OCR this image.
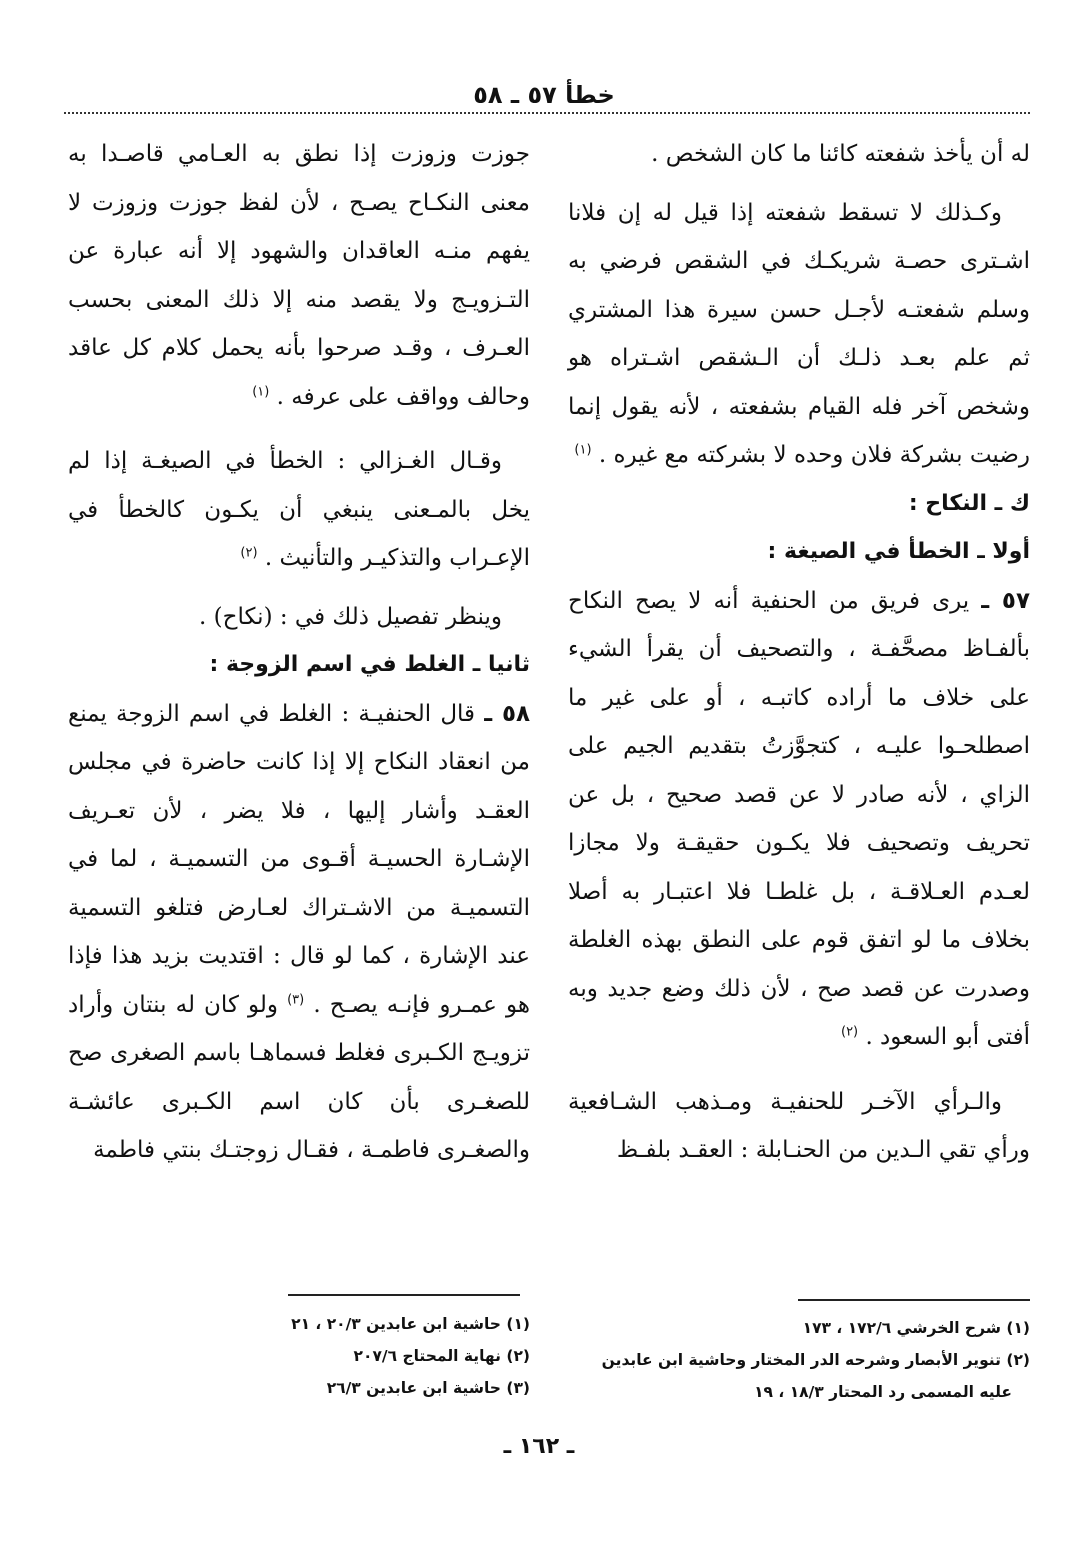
خطأ ٥٧ ـ ٥٨

له أن يأخذ شفعته كائنا ما كان الشخص .

وكـذلك لا تسقط شفعته إذا قيل له إن فلانا اشـترى حصـة شريكـك في الشقص فرضي به وسلم شفعتـه لأجـل حسن سيرة هذا المشتري ثم علم بعـد ذلـك أن الـشقص اشـتراه هو وشخص آخر فله القيام بشفعته ، لأنه يقول إنما رضيت بشركة فلان وحده لا بشركته مع غيره . $^{(١)}$

ك ـ النكاح :

أولا ـ الخطأ في الصيغة :

٥٧ ـ يرى فريق من الحنفية أنه لا يصح النكاح بألفـاظ مصحَّفـة ، والتصحيف أن يقرأ الشيء على خلاف ما أراده كاتبـه ، أو على غير ما اصطلحـوا عليـه ، كتجوَّزتُ بتقديم الجيم على الزاي ، لأنه صادر لا عن قصد صحيح ، بل عن تحريف وتصحيف فلا يكـون حقيقـة ولا مجازا لعـدم العـلاقـة ، بل غلطـا فلا اعتبـار به أصلا بخلاف ما لو اتفق قوم على النطق بهذه الغلطة وصدرت عن قصد صح ، لأن ذلك وضع جديد وبه أفتى أبو السعود . $^{(٢)}$

والـرأي الآخـر للحنفيـة ومـذهب الشـافعية ورأي تقي الـدين من الحنـابلة : العقـد بلفـظ

جوزت وزوزت إذا نطق به العـامي قاصـدا به معنى النكـاح يصـح ، لأن لفظ جوزت وزوزت لا يفهم منـه العاقدان والشهود إلا أنه عبارة عن التـزويـج ولا يقصد منه إلا ذلك المعنى بحسب العـرف ، وقـد صرحوا بأنه يحمل كلام كل عاقد وحالف وواقف على عرفه . $^{(١)}$

وقـال الغـزالي : الخطأ في الصيغـة إذا لم يخل بالمـعنى ينبغي أن يكـون كالخطأ في الإعـراب والتذكيـر والتأنيث . $^{(٢)}$

وينظر تفصيل ذلك في : (نكاح) .

ثانيا ـ الغلط في اسم الزوجة :

٥٨ ـ قال الحنفيـة : الغلط في اسم الزوجة يمنع من انعقاد النكاح إلا إذا كانت حاضرة في مجلس العقـد وأشار إليها ، فلا يضر ، لأن تعـريف الإشـارة الحسيـة أقـوى من التسميـة ، لما في التسميـة من الاشـتراك لعـارض فتلغو التسمية عند الإشارة ، كما لو قال : اقتديت بزيد هذا فإذا هو عمـرو فإنـه يصـح . $^{(٣)}$ ولو كان له بنتان وأراد تزويـج الكـبرى فغلط فسماهـا باسم الصغرى صح للصغـرى بأن كان اسم الكـبرى عائشـة والصغـرى فاطمـة ، فقـال زوجتـك بنتي فاطمة

(١) شرح الخرشي ١٧٢/٦ ، ١٧٣

(٢) تنوير الأبصار وشرحه الدر المختار وحاشية ابن عابدين

عليه المسمى رد المحتار ١٨/٣ ، ١٩

(١) حاشية ابن عابدين ٢٠/٣ ، ٢١

(٢) نهاية المحتاج ٢٠٧/٦

(٣) حاشية ابن عابدين ٢٦/٣

ـ ١٦٢ ـ
